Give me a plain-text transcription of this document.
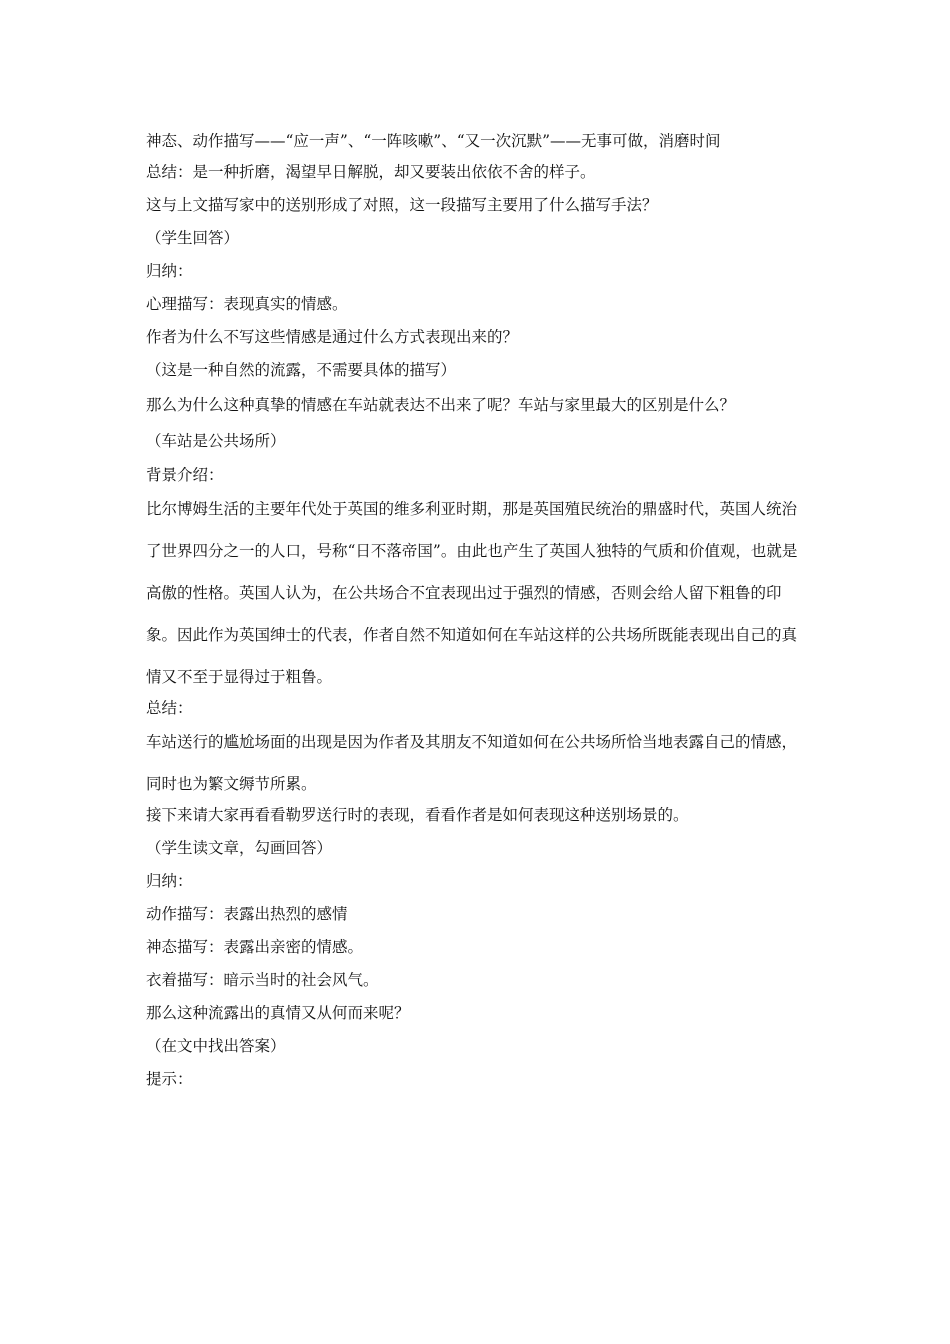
神态、动作描写——“应一声”、“一阵咳嗽”、“又一次沉默”——无事可做，消磨时间

总结：是一种折磨，渴望早日解脱，却又要装出依依不舍的样子。

这与上文描写家中的送别形成了对照，这一段描写主要用了什么描写手法？

（学生回答）

归纳：

心理描写：表现真实的情感。

作者为什么不写这些情感是通过什么方式表现出来的？

（这是一种自然的流露，不需要具体的描写）

那么为什么这种真挚的情感在车站就表达不出来了呢？车站与家里最大的区别是什么？

（车站是公共场所）

背景介绍：

比尔博姆生活的主要年代处于英国的维多利亚时期，那是英国殖民统治的鼎盛时代，英国人统治了世界四分之一的人口，号称“日不落帝国”。由此也产生了英国人独特的气质和价值观，也就是高傲的性格。英国人认为，在公共场合不宜表现出过于强烈的情感，否则会给人留下粗鲁的印象。因此作为英国绅士的代表，作者自然不知道如何在车站这样的公共场所既能表现出自己的真情又不至于显得过于粗鲁。

总结：

车站送行的尴尬场面的出现是因为作者及其朋友不知道如何在公共场所恰当地表露自己的情感，同时也为繁文缛节所累。

接下来请大家再看看勒罗送行时的表现，看看作者是如何表现这种送别场景的。

（学生读文章，勾画回答）

归纳：

动作描写：表露出热烈的感情

神态描写：表露出亲密的情感。

衣着描写：暗示当时的社会风气。

那么这种流露出的真情又从何而来呢？

（在文中找出答案）

提示：
